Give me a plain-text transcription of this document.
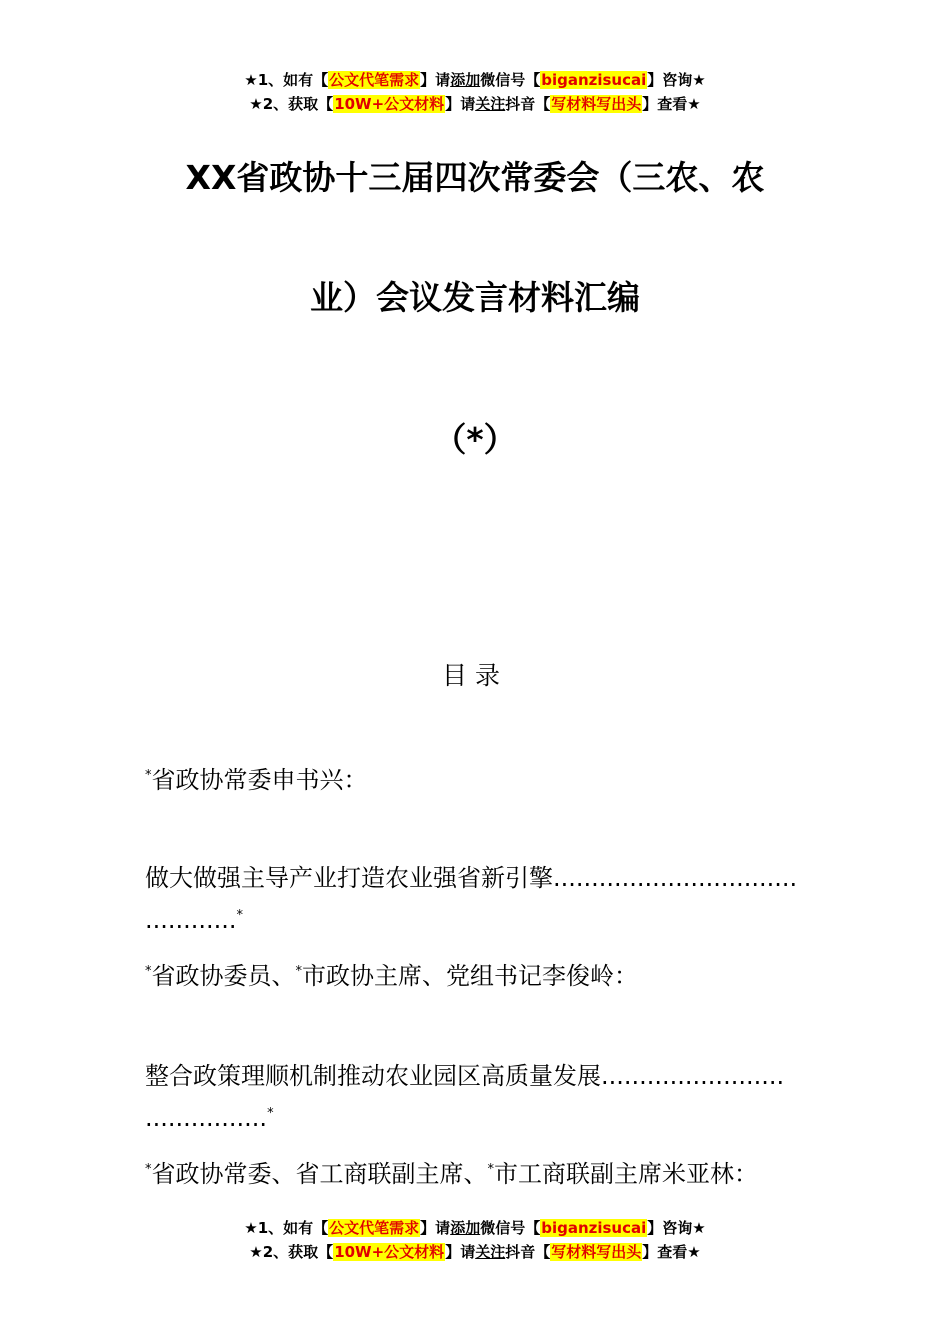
★1、如有【公文代笔需求】请添加微信号【biganzisucai】咨询★
★2、获取【10W+公文材料】请关注抖音【写材料写出头】查看★
XX省政协十三届四次常委会（三农、农
业）会议发言材料汇编
（*）
目录
*省政协常委申书兴：
做大做强主导产业打造农业强省新引擎................................
............*
*省政协委员、*市政协主席、党组书记李俊岭：
整合政策理顺机制推动农业园区高质量发展........................
................*
*省政协常委、省工商联副主席、*市工商联副主席米亚林：
★1、如有【公文代笔需求】请添加微信号【biganzisucai】咨询★
★2、获取【10W+公文材料】请关注抖音【写材料写出头】查看★
